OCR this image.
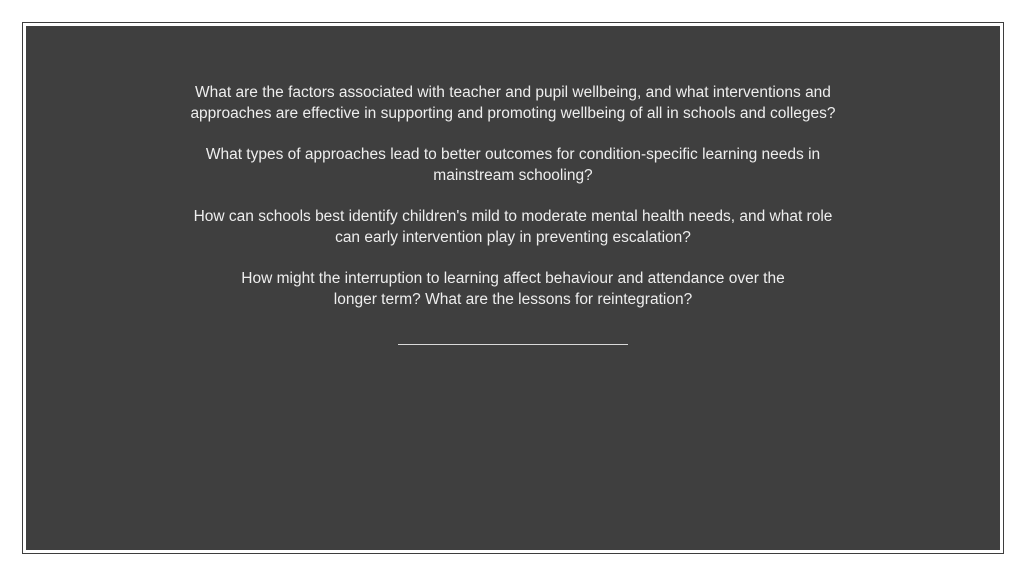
What are the factors associated with teacher and pupil wellbeing, and what interventions and
approaches are effective in supporting and promoting wellbeing of all in schools and colleges?

What types of approaches lead to better outcomes for condition-specific learning needs in
mainstream schooling?

How can schools best identify children's mild to moderate mental health needs, and what role
can early intervention play in preventing escalation?

How might the interruption to learning affect behaviour and attendance over the
longer term? What are the lessons for reintegration?
